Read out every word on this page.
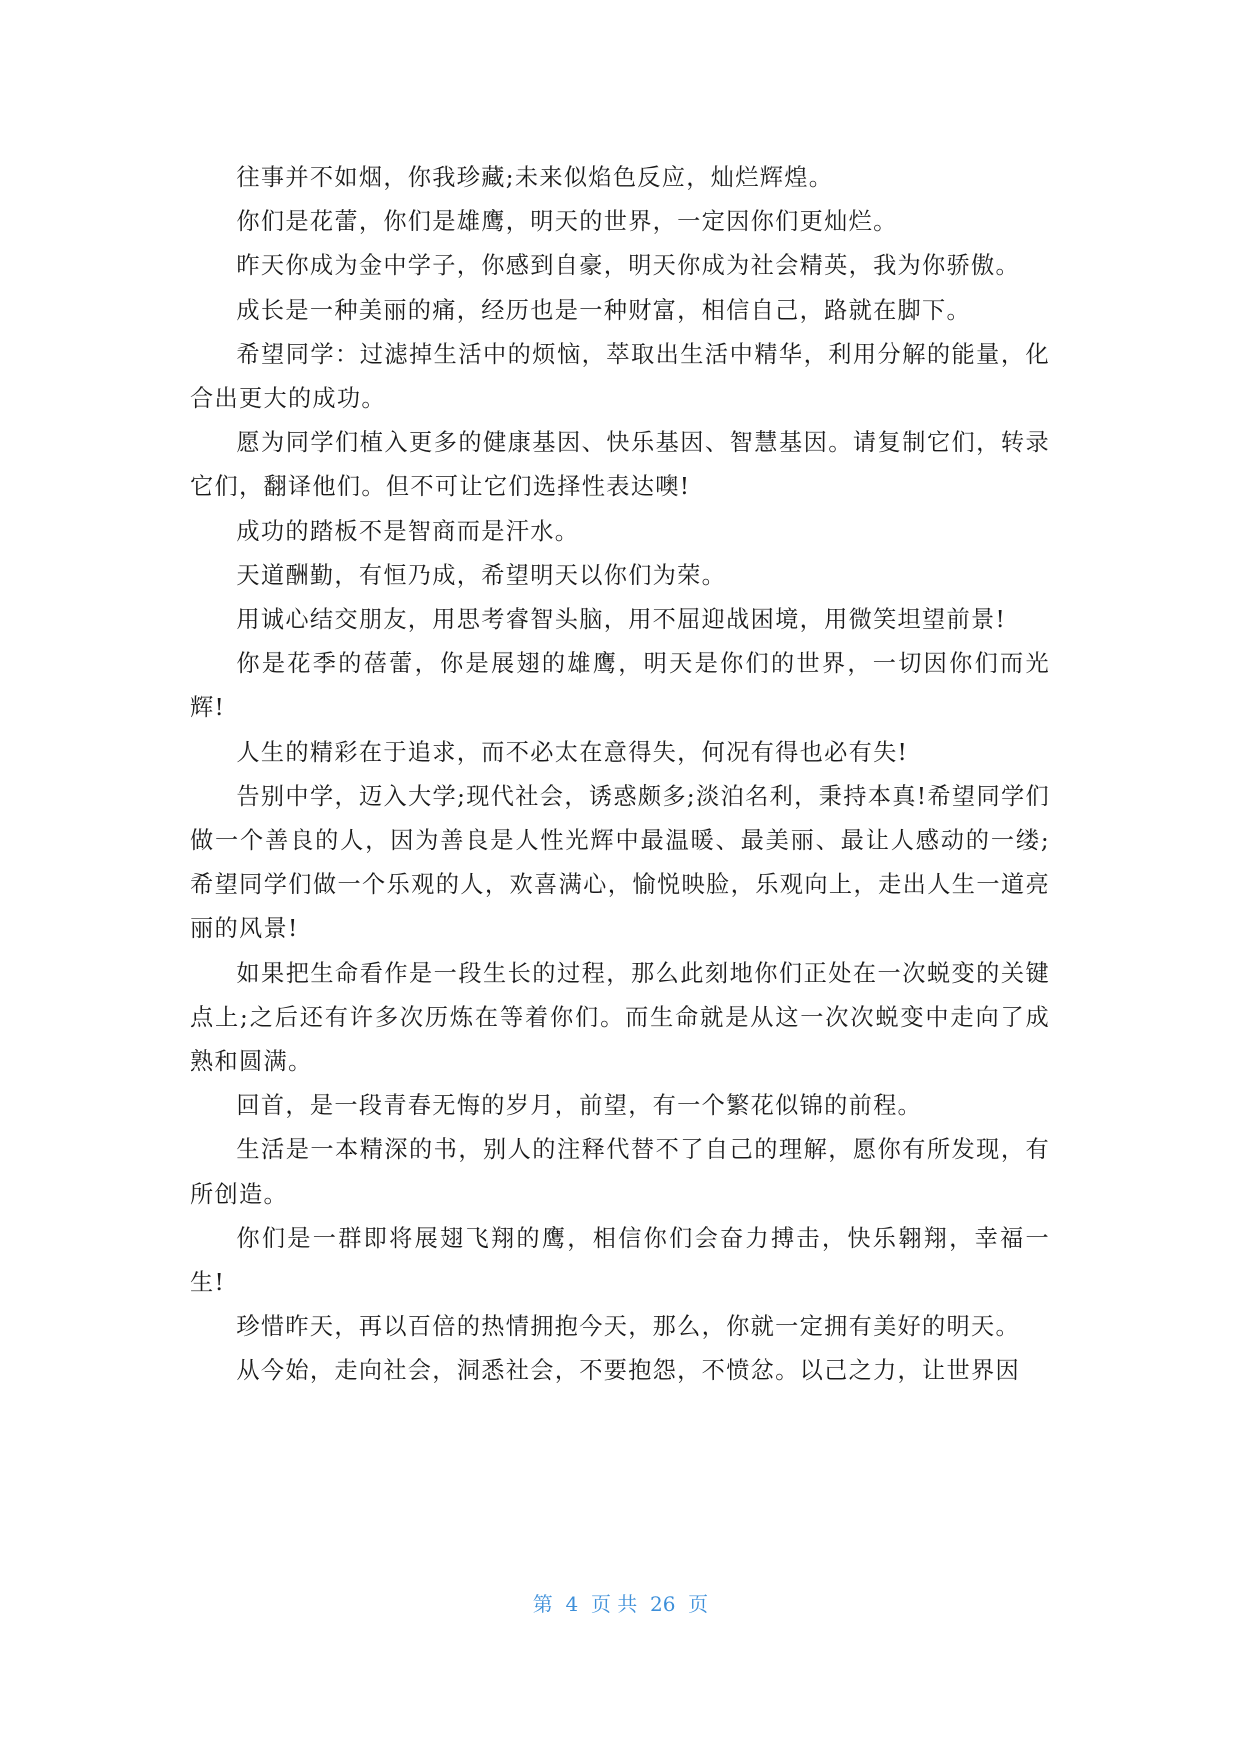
往事并不如烟，你我珍藏;未来似焰色反应，灿烂辉煌。

你们是花蕾，你们是雄鹰，明天的世界，一定因你们更灿烂。

昨天你成为金中学子，你感到自豪，明天你成为社会精英，我为你骄傲。

成长是一种美丽的痛，经历也是一种财富，相信自己，路就在脚下。

希望同学：过滤掉生活中的烦恼，萃取出生活中精华，利用分解的能量，化合出更大的成功。

愿为同学们植入更多的健康基因、快乐基因、智慧基因。请复制它们，转录它们，翻译他们。但不可让它们选择性表达噢!

成功的踏板不是智商而是汗水。

天道酬勤，有恒乃成，希望明天以你们为荣。

用诚心结交朋友，用思考睿智头脑，用不屈迎战困境，用微笑坦望前景!

你是花季的蓓蕾，你是展翅的雄鹰，明天是你们的世界，一切因你们而光辉!

人生的精彩在于追求，而不必太在意得失，何况有得也必有失!

告别中学，迈入大学;现代社会，诱惑颇多;淡泊名利，秉持本真!希望同学们做一个善良的人，因为善良是人性光辉中最温暖、最美丽、最让人感动的一缕;希望同学们做一个乐观的人，欢喜满心，愉悦映脸，乐观向上，走出人生一道亮丽的风景!

如果把生命看作是一段生长的过程，那么此刻地你们正处在一次蜕变的关键点上;之后还有许多次历炼在等着你们。而生命就是从这一次次蜕变中走向了成熟和圆满。

回首，是一段青春无悔的岁月，前望，有一个繁花似锦的前程。

生活是一本精深的书，别人的注释代替不了自己的理解，愿你有所发现，有所创造。

你们是一群即将展翅飞翔的鹰，相信你们会奋力搏击，快乐翱翔，幸福一生!

珍惜昨天，再以百倍的热情拥抱今天，那么，你就一定拥有美好的明天。

从今始，走向社会，洞悉社会，不要抱怨，不愤忿。以己之力，让世界因

第  4  页 共  26  页
